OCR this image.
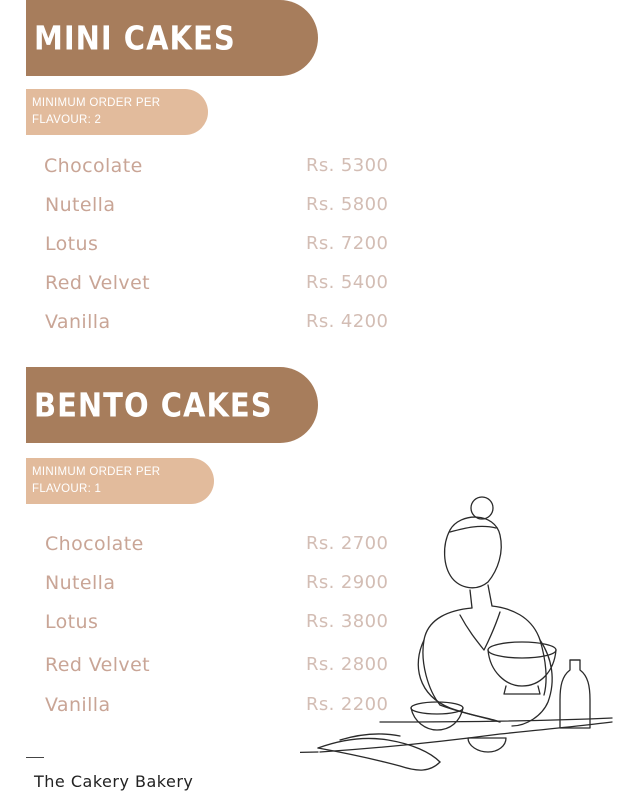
MINI CAKES
MINIMUM ORDER PER FLAVOUR: 2
Chocolate	Rs. 5300
Nutella	Rs. 5800
Lotus	Rs. 7200
Red Velvet	Rs. 5400
Vanilla	Rs. 4200
BENTO CAKES
MINIMUM ORDER PER FLAVOUR: 1
Chocolate	Rs. 2700
Nutella	Rs. 2900
Lotus	Rs. 3800
Red Velvet	Rs. 2800
Vanilla	Rs. 2200
The Cakery Bakery
